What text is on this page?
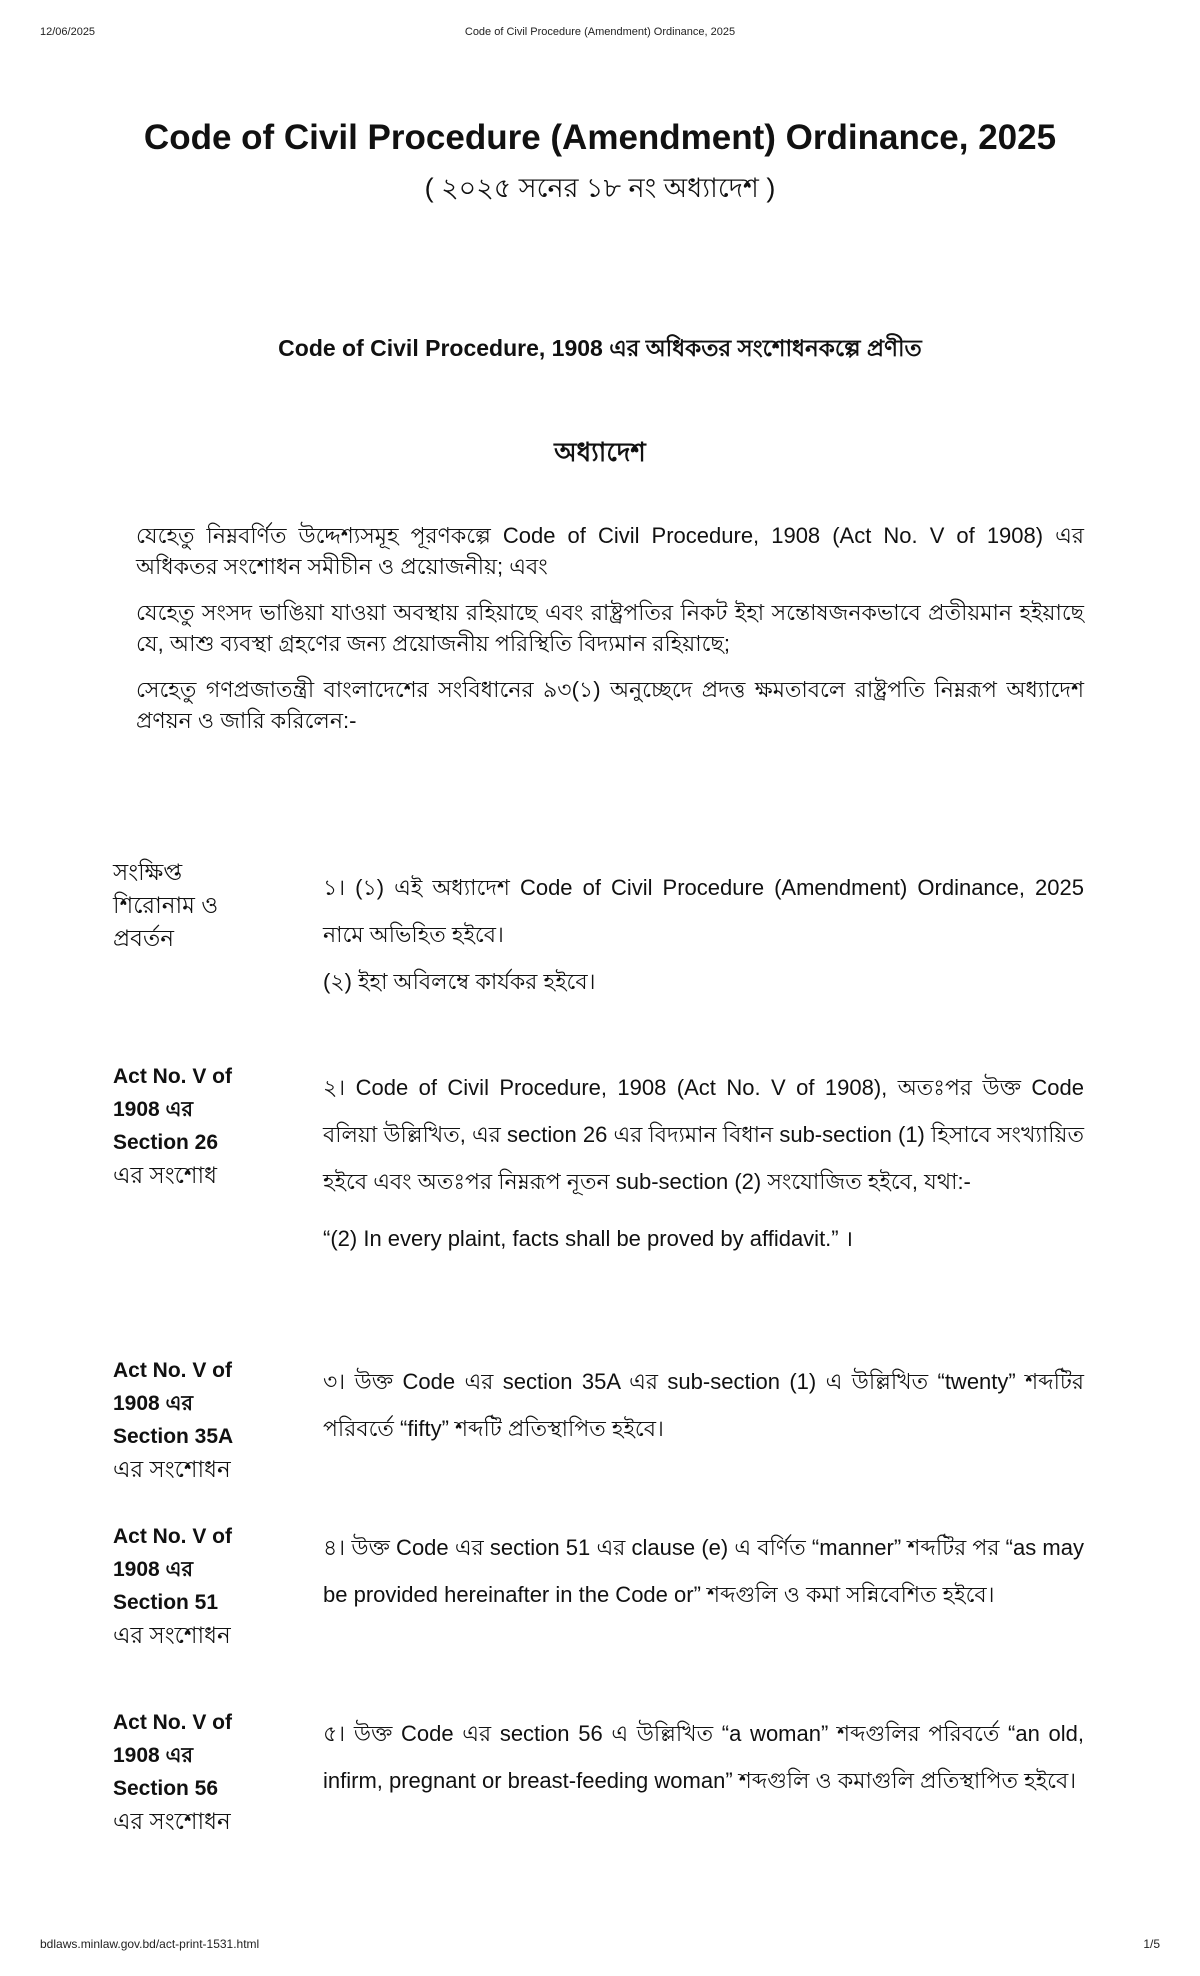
12/06/2025	Code of Civil Procedure (Amendment) Ordinance, 2025
Code of Civil Procedure (Amendment) Ordinance, 2025
( ২০২৫ সনের ১৮ নং অধ্যাদেশ )
Code of Civil Procedure, 1908 এর অধিকতর সংশোধনকল্পে প্রণীত
অধ্যাদেশ

যেহেতু নিম্নবর্ণিত উদ্দেশ্যসমূহ পূরণকল্পে Code of Civil Procedure, 1908 (Act No. V of 1908) এর অধিকতর সংশোধন সমীচীন ও প্রয়োজনীয়; এবং

যেহেতু সংসদ ভাঙিয়া যাওয়া অবস্থায় রহিয়াছে এবং রাষ্ট্রপতির নিকট ইহা সন্তোষজনকভাবে প্রতীয়মান হইয়াছে যে, আশু ব্যবস্থা গ্রহণের জন্য প্রয়োজনীয় পরিস্থিতি বিদ্যমান রহিয়াছে;

সেহেতু গণপ্রজাতন্ত্রী বাংলাদেশের সংবিধানের ৯৩(১) অনুচ্ছেদে প্রদত্ত ক্ষমতাবলে রাষ্ট্রপতি নিম্নরূপ অধ্যাদেশ প্রণয়ন ও জারি করিলেন:-

সংক্ষিপ্ত
শিরোনাম ও
প্রবর্তন

১। (১) এই অধ্যাদেশ Code of Civil Procedure (Amendment) Ordinance, 2025 নামে অভিহিত হইবে।

(২) ইহা অবিলম্বে কার্যকর হইবে।

Act No. V of
1908 এর
Section 26
এর সংশোধ

২। Code of Civil Procedure, 1908 (Act No. V of 1908), অতঃপর উক্ত Code বলিয়া উল্লিখিত, এর section 26 এর বিদ্যমান বিধান sub-section (1) হিসাবে সংখ্যায়িত হইবে এবং অতঃপর নিম্নরূপ নূতন sub-section (2) সংযোজিত হইবে, যথা:-

“(2) In every plaint, facts shall be proved by affidavit.” ।

Act No. V of
1908 এর
Section 35A
এর সংশোধন

৩। উক্ত Code এর section 35A এর sub-section (1) এ উল্লিখিত “twenty” শব্দটির পরিবর্তে “fifty” শব্দটি প্রতিস্থাপিত হইবে।

Act No. V of
1908 এর
Section 51
এর সংশোধন

৪। উক্ত Code এর section 51 এর clause (e) এ বর্ণিত “manner” শব্দটির পর “as may be provided hereinafter in the Code or” শব্দগুলি ও কমা সন্নিবেশিত হইবে।

Act No. V of
1908 এর
Section 56
এর সংশোধন

৫। উক্ত Code এর section 56 এ উল্লিখিত “a woman” শব্দগুলির পরিবর্তে “an old, infirm, pregnant or breast-feeding woman” শব্দগুলি ও কমাগুলি প্রতিস্থাপিত হইবে।

bdlaws.minlaw.gov.bd/act-print-1531.html	1/5
